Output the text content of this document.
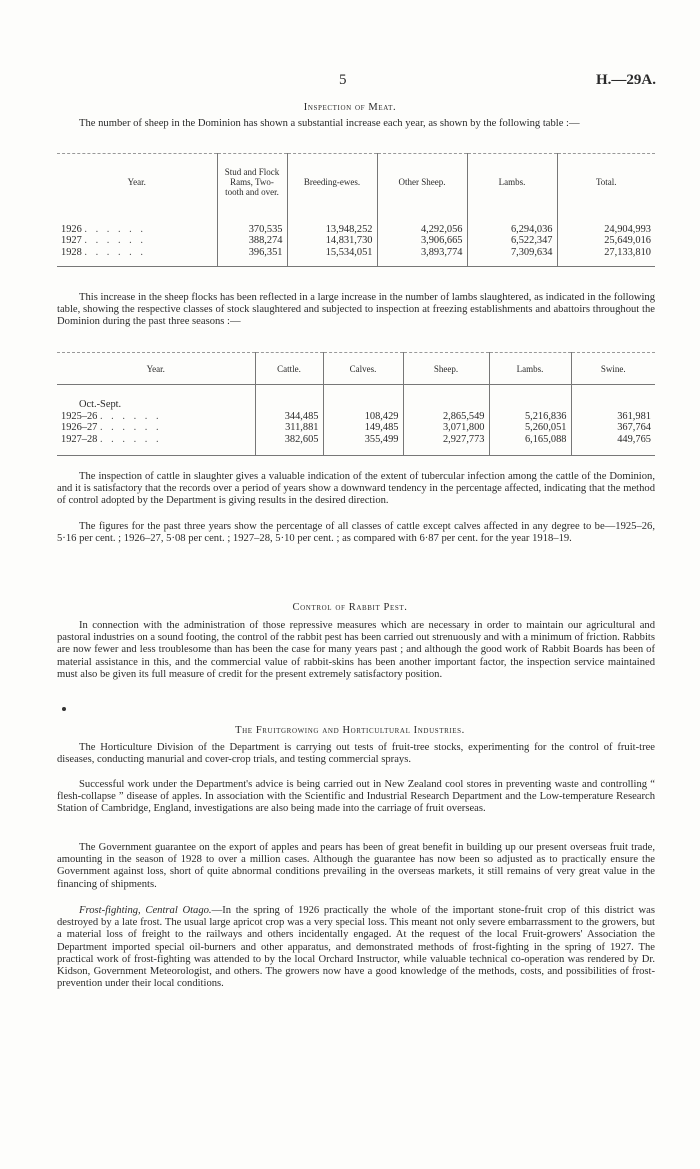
5	H.—29A.
Inspection of Meat.

The number of sheep in the Dominion has shown a substantial increase each year, as shown by the following table :—

Year.	Stud and Flock Rams, Two-tooth and over.	Breeding-ewes.	Other Sheep.	Lambs.	Total.

1926 . . . . . .	370,535	13,948,252	4,292,056	6,294,036	24,904,993
1927 . . . . . .	388,274	14,831,730	3,906,665	6,522,347	25,649,016
1928 . . . . . .	396,351	15,534,051	3,893,774	7,309,634	27,133,810

This increase in the sheep flocks has been reflected in a large increase in the number of lambs slaughtered, as indicated in the following table, showing the respective classes of stock slaughtered and subjected to inspection at freezing establishments and abattoirs throughout the Dominion during the past three seasons :—

Year.	Cattle.	Calves.	Sheep.	Lambs.	Swine.
Oct.-Sept.					
1925–26 . . . . . .	344,485	108,429	2,865,549	5,216,836	361,981
1926–27 . . . . . .	311,881	149,485	3,071,800	5,260,051	367,764
1927–28 . . . . . .	382,605	355,499	2,927,773	6,165,088	449,765

The inspection of cattle in slaughter gives a valuable indication of the extent of tubercular infection among the cattle of the Dominion, and it is satisfactory that the records over a period of years show a downward tendency in the percentage affected, indicating that the method of control adopted by the Department is giving results in the desired direction.

The figures for the past three years show the percentage of all classes of cattle except calves affected in any degree to be—1925–26, 5·16 per cent. ; 1926–27, 5·08 per cent. ; 1927–28, 5·10 per cent. ; as compared with 6·87 per cent. for the year 1918–19.

Control of Rabbit Pest.

In connection with the administration of those repressive measures which are necessary in order to maintain our agricultural and pastoral industries on a sound footing, the control of the rabbit pest has been carried out strenuously and with a minimum of friction. Rabbits are now fewer and less troublesome than has been the case for many years past ; and although the good work of Rabbit Boards has been of material assistance in this, and the commercial value of rabbit-skins has been another important factor, the inspection service maintained must also be given its full measure of credit for the present extremely satisfactory position.

The Fruitgrowing and Horticultural Industries.

The Horticulture Division of the Department is carrying out tests of fruit-tree stocks, experimenting for the control of fruit-tree diseases, conducting manurial and cover-crop trials, and testing commercial sprays.

Successful work under the Department's advice is being carried out in New Zealand cool stores in preventing waste and controlling “ flesh-collapse ” disease of apples. In association with the Scientific and Industrial Research Department and the Low-temperature Research Station of Cambridge, England, investigations are also being made into the carriage of fruit overseas.

The Government guarantee on the export of apples and pears has been of great benefit in building up our present overseas fruit trade, amounting in the season of 1928 to over a million cases. Although the guarantee has now been so adjusted as to practically ensure the Government against loss, short of quite abnormal conditions prevailing in the overseas markets, it still remains of very great value in the financing of shipments.

Frost-fighting, Central Otago.—In the spring of 1926 practically the whole of the important stone-fruit crop of this district was destroyed by a late frost. The usual large apricot crop was a very special loss. This meant not only severe embarrassment to the growers, but a material loss of freight to the railways and others incidentally engaged. At the request of the local Fruit-growers' Association the Department imported special oil-burners and other apparatus, and demonstrated methods of frost-fighting in the spring of 1927. The practical work of frost-fighting was attended to by the local Orchard Instructor, while valuable technical co-operation was rendered by Dr. Kidson, Government Meteorologist, and others. The growers now have a good knowledge of the methods, costs, and possibilities of frost-prevention under their local conditions.
